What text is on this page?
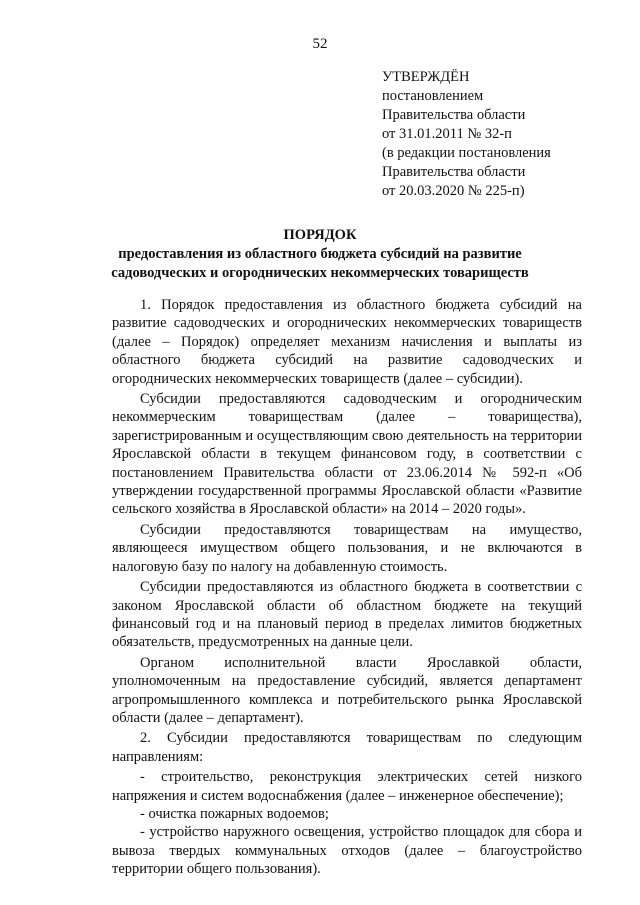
52
УТВЕРЖДЁН
постановлением
Правительства области
от 31.01.2011 № 32-п
(в редакции постановления
Правительства области
от 20.03.2020 № 225-п)
ПОРЯДОК
предоставления из областного бюджета субсидий на развитие
садоводческих и огороднических некоммерческих товариществ

1. Порядок предоставления из областного бюджета субсидий на развитие садоводческих и огороднических некоммерческих товариществ (далее – Порядок) определяет механизм начисления и выплаты из областного бюджета субсидий на развитие садоводческих и огороднических некоммерческих товариществ (далее – субсидии).

Субсидии предоставляются садоводческим и огородническим некоммерческим товариществам (далее – товарищества), зарегистрированным и осуществляющим свою деятельность на территории Ярославской области в текущем финансовом году, в соответствии с постановлением Правительства области от 23.06.2014 № 592-п «Об утверждении государственной программы Ярославской области «Развитие сельского хозяйства в Ярославской области» на 2014 – 2020 годы».

Субсидии предоставляются товариществам на имущество, являющееся имуществом общего пользования, и не включаются в налоговую базу по налогу на добавленную стоимость.

Субсидии предоставляются из областного бюджета в соответствии с законом Ярославской области об областном бюджете на текущий финансовый год и на плановый период в пределах лимитов бюджетных обязательств, предусмотренных на данные цели.

Органом исполнительной власти Ярославкой области, уполномоченным на предоставление субсидий, является департамент агропромышленного комплекса и потребительского рынка Ярославской области (далее – департамент).

2. Субсидии предоставляются товариществам по следующим направлениям:

- строительство, реконструкция электрических сетей низкого напряжения и систем водоснабжения (далее – инженерное обеспечение);

- очистка пожарных водоемов;

- устройство наружного освещения, устройство площадок для сбора и вывоза твердых коммунальных отходов (далее – благоустройство территории общего пользования).
